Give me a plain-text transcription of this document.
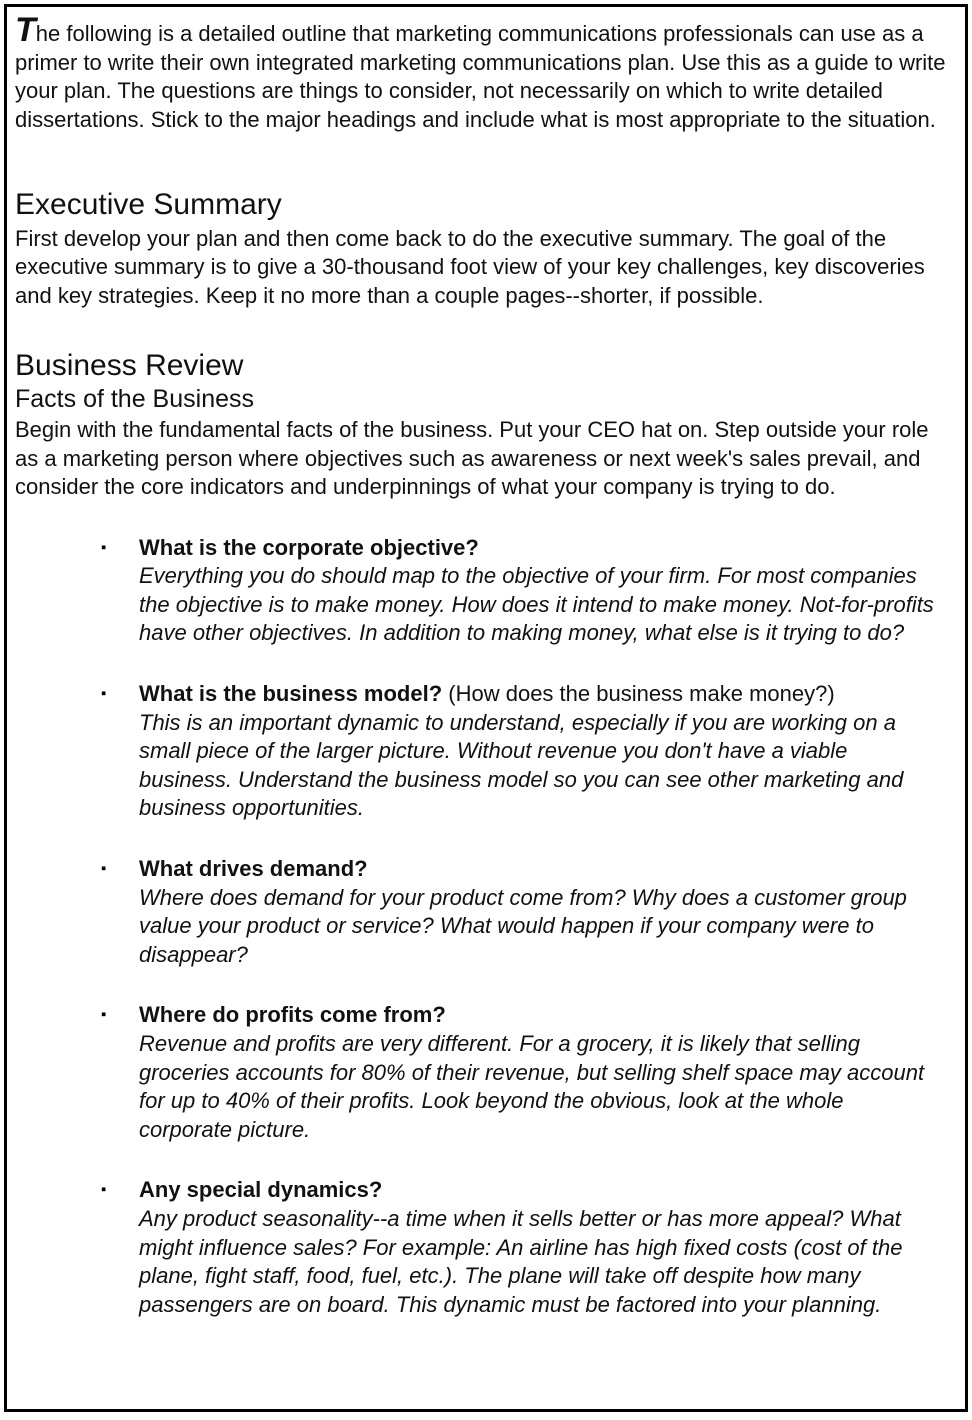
The following is a detailed outline that marketing communications professionals can use as a primer to write their own integrated marketing communications plan. Use this as a guide to write your plan. The questions are things to consider, not necessarily on which to write detailed dissertations. Stick to the major headings and include what is most appropriate to the situation.

Executive Summary

First develop your plan and then come back to do the executive summary. The goal of the executive summary is to give a 30-thousand foot view of your key challenges, key discoveries and key strategies. Keep it no more than a couple pages--shorter, if possible.

Business Review
Facts of the Business

Begin with the fundamental facts of the business. Put your CEO hat on. Step outside your role as a marketing person where objectives such as awareness or next week's sales prevail, and consider the core indicators and underpinnings of what your company is trying to do.

▪	What is the corporate objective?

Everything you do should map to the objective of your firm. For most companies the objective is to make money. How does it intend to make money. Not-for-profits have other objectives. In addition to making money, what else is it trying to do?

▪	What is the business model? (How does the business make money?)

This is an important dynamic to understand, especially if you are working on a small piece of the larger picture. Without revenue you don't have a viable business. Understand the business model so you can see other marketing and business opportunities.

▪	What drives demand?

Where does demand for your product come from? Why does a customer group value your product or service? What would happen if your company were to disappear?

▪	Where do profits come from?

Revenue and profits are very different. For a grocery, it is likely that selling groceries accounts for 80% of their revenue, but selling shelf space may account for up to 40% of their profits. Look beyond the obvious, look at the whole corporate picture.

▪	Any special dynamics?

Any product seasonality--a time when it sells better or has more appeal? What might influence sales? For example: An airline has high fixed costs (cost of the plane, fight staff, food, fuel, etc.). The plane will take off despite how many passengers are on board. This dynamic must be factored into your planning.
